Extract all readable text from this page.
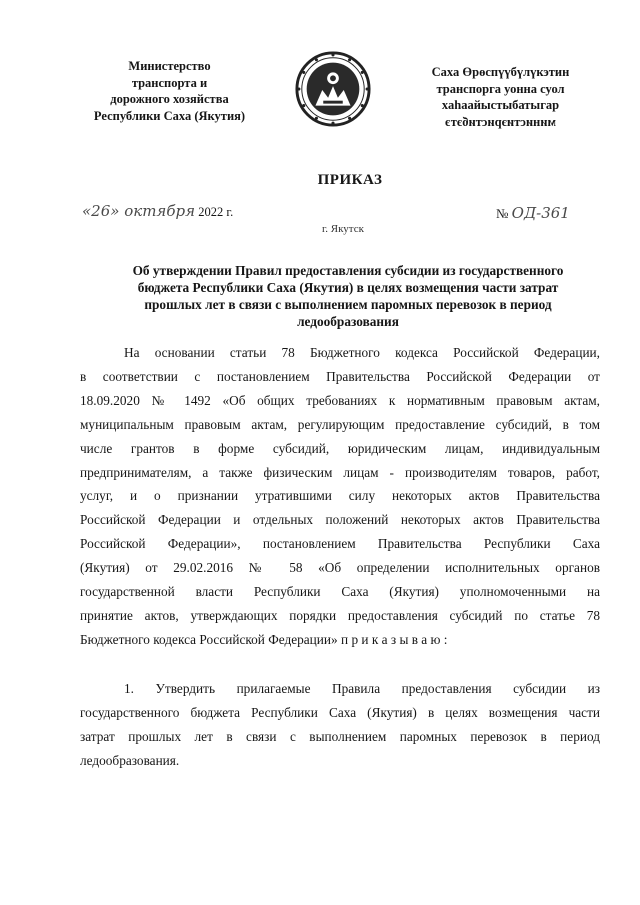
Министерство
транспорта и
дорожного хозяйства
Республики Саха (Якутия)
Саха Өрөспүүбүлүкэтин
транспорга уонна суол
хаһаайыстыбатыгар
министиэристибэтэ
ПРИКАЗ
«26» октября 2022 г.
г. Якутск
№ ОД-361
Об утверждении Правил предоставления субсидии из государственного
бюджета Республики Саха (Якутия) в целях возмещения части затрат
прошлых лет в связи с выполнением паромных перевозок в период
ледообразования
На основании статьи 78 Бюджетного кодекса Российской Федерации,
в соответствии с постановлением Правительства Российской Федерации от
18.09.2020 № 1492 «Об общих требованиях к нормативным правовым актам,
муниципальным правовым актам, регулирующим предоставление субсидий, в том
числе грантов в форме субсидий, юридическим лицам, индивидуальным
предпринимателям, а также физическим лицам - производителям товаров, работ,
услуг, и о признании утратившими силу некоторых актов Правительства
Российской Федерации и отдельных положений некоторых актов Правительства
Российской Федерации», постановлением Правительства Республики Саха
(Якутия) от 29.02.2016 № 58 «Об определении исполнительных органов
государственной власти Республики Саха (Якутия) уполномоченными на
принятие актов, утверждающих порядки предоставления субсидий по статье 78
Бюджетного кодекса Российской Федерации» п р и к а з ы в а ю :
1. Утвердить прилагаемые Правила предоставления субсидии из
государственного бюджета Республики Саха (Якутия) в целях возмещения части
затрат прошлых лет в связи с выполнением паромных перевозок в период
ледообразования.
